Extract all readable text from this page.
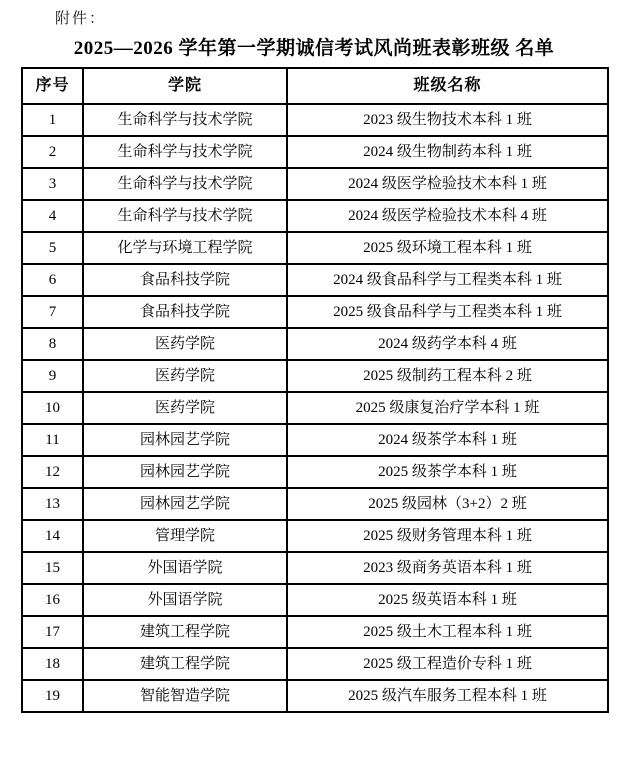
附件：
2025—2026 学年第一学期诚信考试风尚班表彰班级 名单
序号	学院	班级名称
1	生命科学与技术学院	2023 级生物技术本科 1 班
2	生命科学与技术学院	2024 级生物制药本科 1 班
3	生命科学与技术学院	2024 级医学检验技术本科 1 班
4	生命科学与技术学院	2024 级医学检验技术本科 4 班
5	化学与环境工程学院	2025 级环境工程本科 1 班
6	食品科技学院	2024 级食品科学与工程类本科 1 班
7	食品科技学院	2025 级食品科学与工程类本科 1 班
8	医药学院	2024 级药学本科 4 班
9	医药学院	2025 级制药工程本科 2 班
10	医药学院	2025 级康复治疗学本科 1 班
11	园林园艺学院	2024 级茶学本科 1 班
12	园林园艺学院	2025 级茶学本科 1 班
13	园林园艺学院	2025 级园林（3+2）2 班
14	管理学院	2025 级财务管理本科 1 班
15	外国语学院	2023 级商务英语本科 1 班
16	外国语学院	2025 级英语本科 1 班
17	建筑工程学院	2025 级土木工程本科 1 班
18	建筑工程学院	2025 级工程造价专科 1 班
19	智能智造学院	2025 级汽车服务工程本科 1 班
